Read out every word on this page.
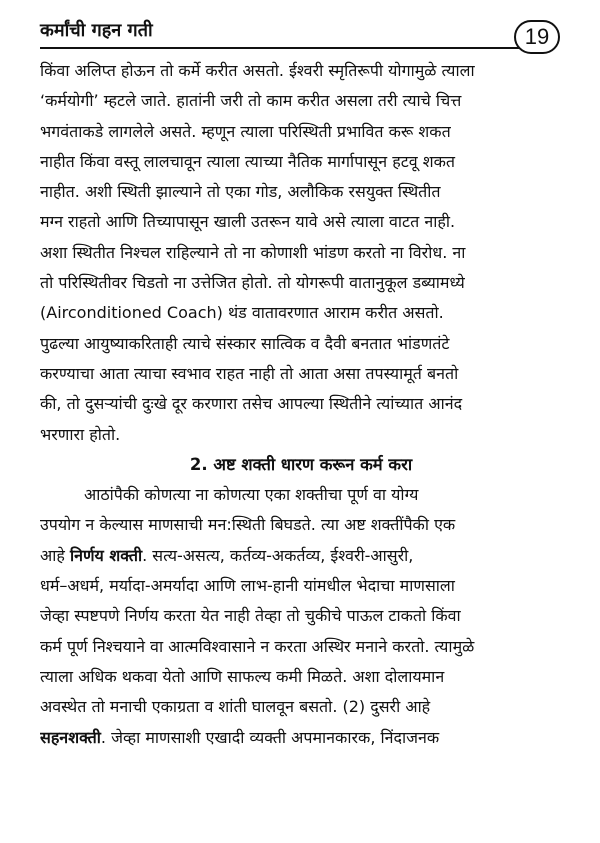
कर्मांची गहन गती	19
किंवा अलिप्त होऊन तो कर्मे करीत असतो. ईश्वरी स्मृतिरूपी योगामुळे त्याला
‘कर्मयोगी’ म्हटले जाते. हातांनी जरी तो काम करीत असला तरी त्याचे चित्त
भगवंताकडे लागलेले असते. म्हणून त्याला परिस्थिती प्रभावित करू शकत
नाहीत किंवा वस्तू लालचावून त्याला त्याच्या नैतिक मार्गापासून हटवू शकत
नाहीत. अशी स्थिती झाल्याने तो एका गोड, अलौकिक रसयुक्त स्थितीत
मग्न राहतो आणि तिच्यापासून खाली उतरून यावे असे त्याला वाटत नाही.
अशा स्थितीत निश्चल राहिल्याने तो ना कोणाशी भांडण करतो ना विरोध. ना
तो परिस्थितीवर चिडतो ना उत्तेजित होतो. तो योगरूपी वातानुकूल डब्यामध्ये
(Airconditioned Coach) थंड वातावरणात आराम करीत असतो.
पुढल्या आयुष्याकरिताही त्याचे संस्कार सात्विक व दैवी बनतात भांडणतंटे
करण्याचा आता त्याचा स्वभाव राहत नाही तो आता असा तपस्यामूर्त बनतो
की, तो दुसऱ्यांची दुःखे दूर करणारा तसेच आपल्या स्थितीने त्यांच्यात आनंद
भरणारा होतो.
2. अष्ट शक्ती धारण करून कर्म करा
आठांपैकी कोणत्या ना कोणत्या एका शक्तीचा पूर्ण वा योग्य
उपयोग न केल्यास माणसाची मन:स्थिती बिघडते. त्या अष्ट शक्तींपैकी एक
आहे निर्णय शक्ती. सत्य-असत्य, कर्तव्य-अकर्तव्य, ईश्वरी-आसुरी,
धर्म–अधर्म, मर्यादा-अमर्यादा आणि लाभ-हानी यांमधील भेदाचा माणसाला
जेव्हा स्पष्टपणे निर्णय करता येत नाही तेव्हा तो चुकीचे पाऊल टाकतो किंवा
कर्म पूर्ण निश्चयाने वा आत्मविश्वासाने न करता अस्थिर मनाने करतो. त्यामुळे
त्याला अधिक थकवा येतो आणि साफल्य कमी मिळते. अशा दोलायमान
अवस्थेत तो मनाची एकाग्रता व शांती घालवून बसतो. (2) दुसरी आहे
सहनशक्ती. जेव्हा माणसाशी एखादी व्यक्ती अपमानकारक, निंदाजनक
